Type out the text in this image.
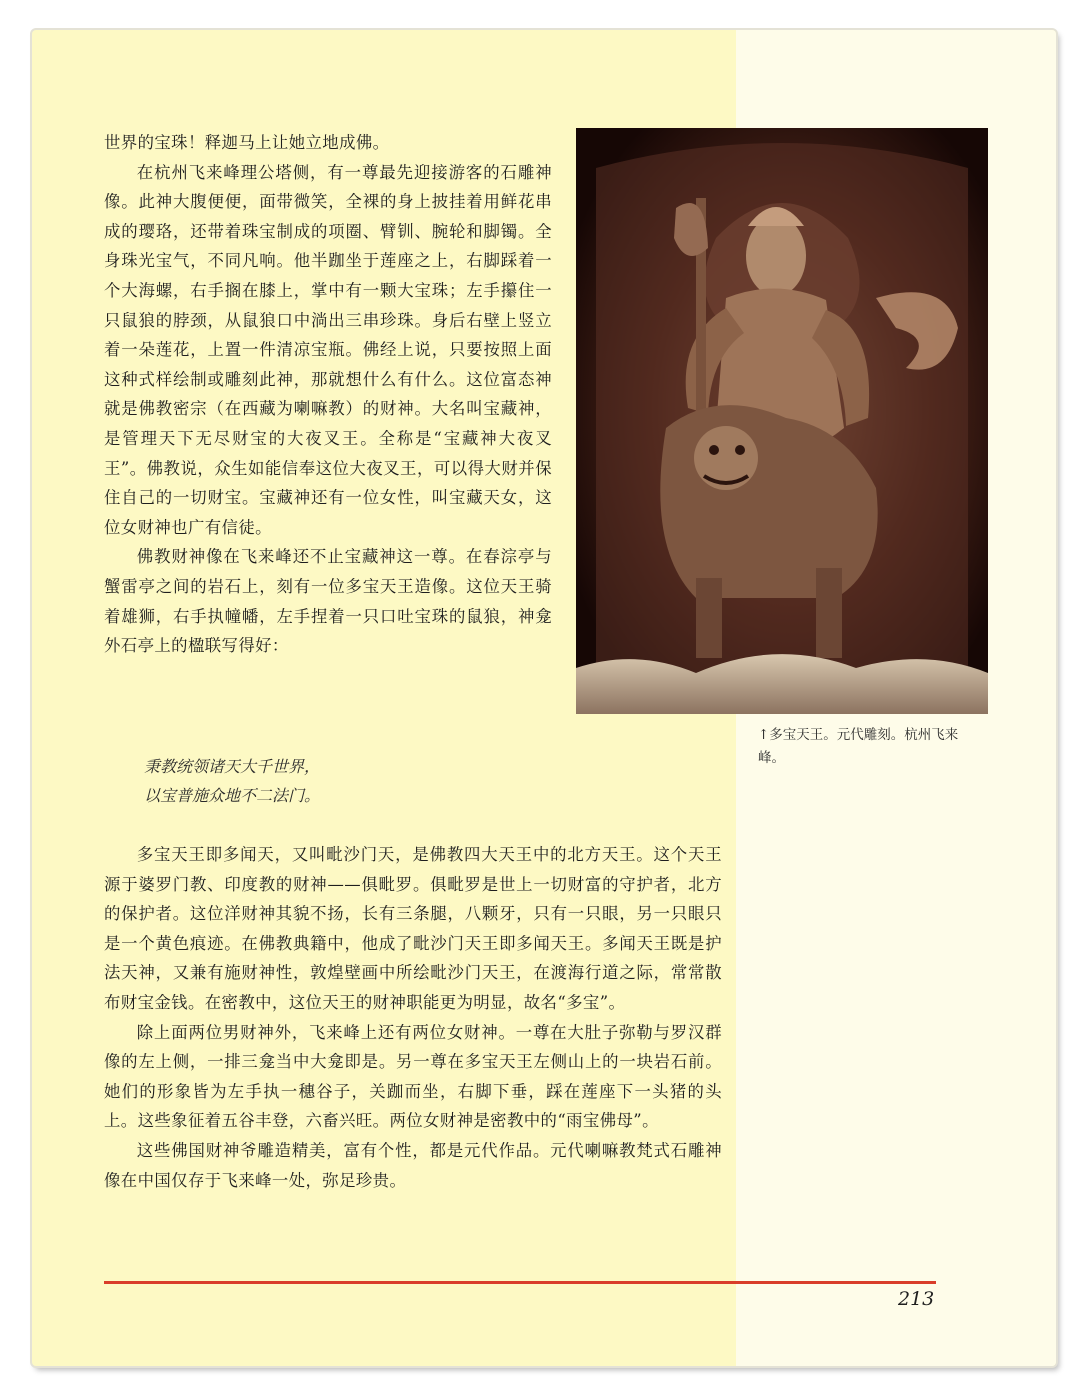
世界的宝珠！释迦马上让她立地成佛。

在杭州飞来峰理公塔侧，有一尊最先迎接游客的石雕神像。此神大腹便便，面带微笑，全裸的身上披挂着用鲜花串成的璎珞，还带着珠宝制成的项圈、臂钏、腕轮和脚镯。全身珠光宝气，不同凡响。他半跏坐于莲座之上，右脚踩着一个大海螺，右手搁在膝上，掌中有一颗大宝珠；左手攥住一只鼠狼的脖颈，从鼠狼口中淌出三串珍珠。身后右壁上竖立着一朵莲花，上置一件清凉宝瓶。佛经上说，只要按照上面这种式样绘制或雕刻此神，那就想什么有什么。这位富态神就是佛教密宗（在西藏为喇嘛教）的财神。大名叫宝藏神，是管理天下无尽财宝的大夜叉王。全称是“宝藏神大夜叉王”。佛教说，众生如能信奉这位大夜叉王，可以得大财并保住自己的一切财宝。宝藏神还有一位女性，叫宝藏天女，这位女财神也广有信徒。

佛教财神像在飞来峰还不止宝藏神这一尊。在春淙亭与蟹雷亭之间的岩石上，刻有一位多宝天王造像。这位天王骑着雄狮，右手执幢幡，左手捏着一只口吐宝珠的鼠狼，神龛外石亭上的楹联写得好：

秉教统领诸天大千世界，
以宝普施众地不二法门。

多宝天王即多闻天，又叫毗沙门天，是佛教四大天王中的北方天王。这个天王源于婆罗门教、印度教的财神——俱毗罗。俱毗罗是世上一切财富的守护者，北方的保护者。这位洋财神其貌不扬，长有三条腿，八颗牙，只有一只眼，另一只眼只是一个黄色痕迹。在佛教典籍中，他成了毗沙门天王即多闻天王。多闻天王既是护法天神，又兼有施财神性，敦煌壁画中所绘毗沙门天王，在渡海行道之际，常常散布财宝金钱。在密教中，这位天王的财神职能更为明显，故名“多宝”。

除上面两位男财神外，飞来峰上还有两位女财神。一尊在大肚子弥勒与罗汉群像的左上侧，一排三龛当中大龛即是。另一尊在多宝天王左侧山上的一块岩石前。她们的形象皆为左手执一穗谷子，关跏而坐，右脚下垂，踩在莲座下一头猪的头上。这些象征着五谷丰登，六畜兴旺。两位女财神是密教中的“雨宝佛母”。

这些佛国财神爷雕造精美，富有个性，都是元代作品。元代喇嘛教梵式石雕神像在中国仅存于飞来峰一处，弥足珍贵。

↑多宝天王。元代雕刻。杭州飞来峰。
213
